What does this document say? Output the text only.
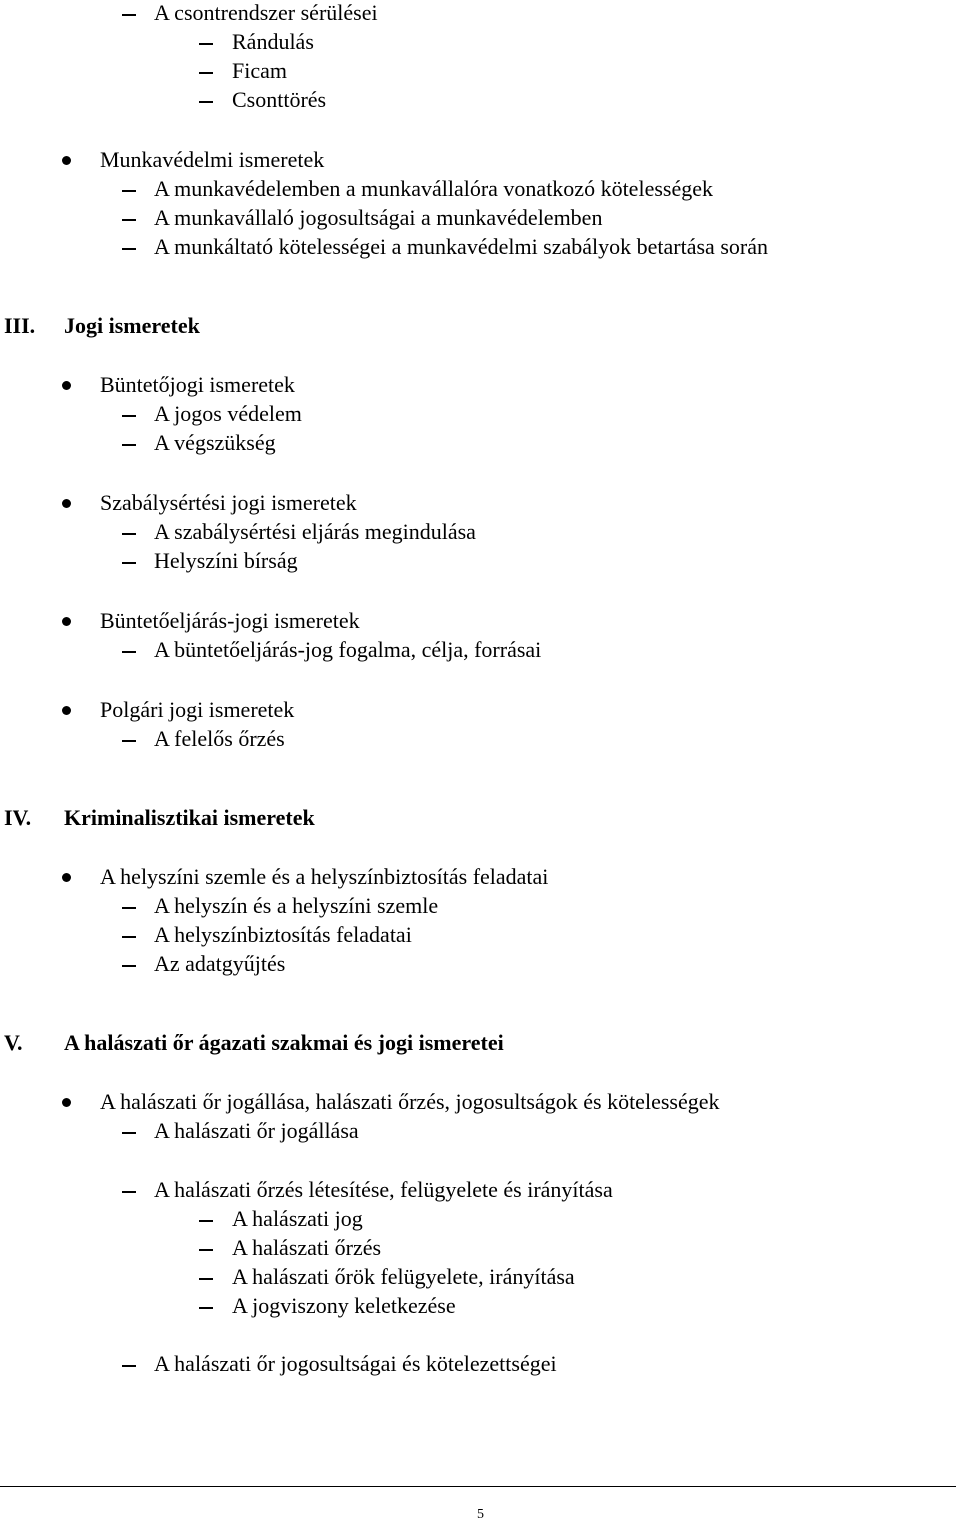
A csontrendszer sérülései
Rándulás
Ficam
Csonttörés
Munkavédelmi ismeretek
A munkavédelemben a munkavállalóra vonatkozó kötelességek
A munkavállaló jogosultságai a munkavédelemben
A munkáltató kötelességei a munkavédelmi szabályok betartása során
III. Jogi ismeretek
Büntetőjogi ismeretek
A jogos védelem
A végszükség
Szabálysértési jogi ismeretek
A szabálysértési eljárás megindulása
Helyszíni bírság
Büntetőeljárás-jogi ismeretek
A büntetőeljárás-jog fogalma, célja, forrásai
Polgári jogi ismeretek
A felelős őrzés
IV. Kriminalisztikai ismeretek
A helyszíni szemle és a helyszínbiztosítás feladatai
A helyszín és a helyszíni szemle
A helyszínbiztosítás feladatai
Az adatgyűjtés
V. A halászati őr ágazati szakmai és jogi ismeretei
A halászati őr jogállása, halászati őrzés, jogosultságok és kötelességek
A halászati őr jogállása
A halászati őrzés létesítése, felügyelete és irányítása
A halászati jog
A halászati őrzés
A halászati őrök felügyelete, irányítása
A jogviszony keletkezése
A halászati őr jogosultságai és kötelezettségei
5
